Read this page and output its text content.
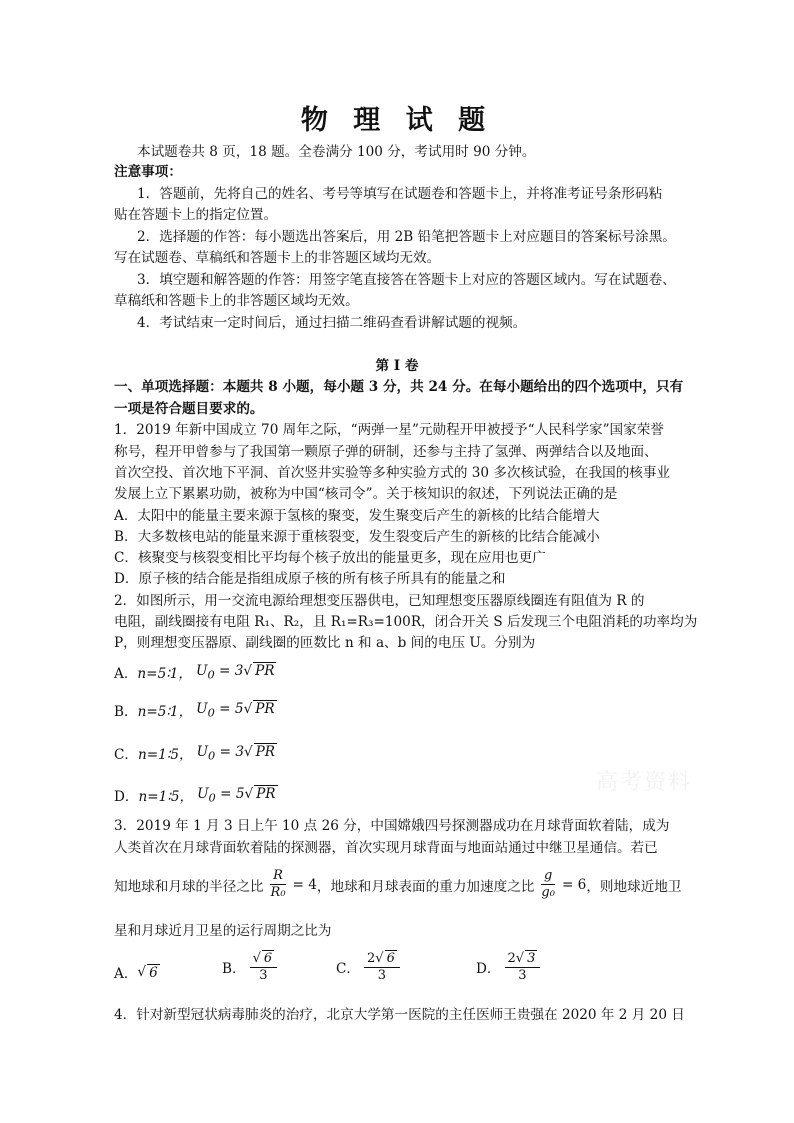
物 理 试 题
本试题卷共 8 页，18 题。全卷满分 100 分，考试用时 90 分钟。
注意事项：
1．答题前，先将自己的姓名、考号等填写在试题卷和答题卡上，并将准考证号条形码粘
贴在答题卡上的指定位置。
2．选择题的作答：每小题选出答案后，用 2B 铅笔把答题卡上对应题目的答案标号涂黑。
写在试题卷、草稿纸和答题卡上的非答题区域均无效。
3．填空题和解答题的作答：用签字笔直接答在答题卡上对应的答题区域内。写在试题卷、
草稿纸和答题卡上的非答题区域均无效。
4．考试结束一定时间后，通过扫描二维码查看讲解试题的视频。
第 I 卷
一、单项选择题：本题共 8 小题，每小题 3 分，共 24 分。在每小题给出的四个选项中，只有
一项是符合题目要求的。
1．2019 年新中国成立 70 周年之际，“两弹一星”元勋程开甲被授予“人民科学家”国家荣誉
称号，程开甲曾参与了我国第一颗原子弹的研制，还参与主持了氢弹、两弹结合以及地面、
首次空投、首次地下平洞、首次竖井实验等多种实验方式的 30 多次核试验，在我国的核事业
发展上立下累累功勋，被称为中国“核司令”。关于核知识的叙述，下列说法正确的是
A．太阳中的能量主要来源于氢核的聚变，发生聚变后产生的新核的比结合能增大
B．大多数核电站的能量来源于重核裂变，发生裂变后产生的新核的比结合能减小
C．核聚变与核裂变相比平均每个核子放出的能量更多，现在应用也更广
D．原子核的结合能是指组成原子核的所有核子所具有的能量之和
2．如图所示，用一交流电源给理想变压器供电，已知理想变压器原线圈连有阻值为 R 的
电阻，副线圈接有电阻 R₁、R₂，且 R₁=R₃=100R，闭合开关 S 后发现三个电阻消耗的功率均为
P，则理想变压器原、副线圈的匝数比 n 和 a、b 间的电压 U。分别为
A． n=5∶1， $U_0 = 3√$ PR
B． n=5∶1， $U_0 = 5√$ PR
C． n=1∶5， $U_0 = 3√$ PR
D． n=1∶5， $U_0 = 5√$ PR
3．2019 年 1 月 3 日上午 10 点 26 分，中国嫦娥四号探测器成功在月球背面软着陆，成为
人类首次在月球背面软着陆的探测器，首次实现月球背面与地面站通过中继卫星通信。若已
知地球和月球的半径之比 $\frac{R}{\text{R₀}} = 4$ ，地球和月球表面的重力加速度之比 $\frac{g}{\text{g₀}} = 6$ ，则地球近地卫
星和月球近月卫星的运行周期之比为
A． √ 6	B． $\frac{√ 6}{3}$	C． $\frac{2√ 6}{3}$	D． $\frac{2√ 3}{3}$
4．针对新型冠状病毒肺炎的治疗，北京大学第一医院的主任医师王贵强在 2020 年 2 月 20 日
高考资料
